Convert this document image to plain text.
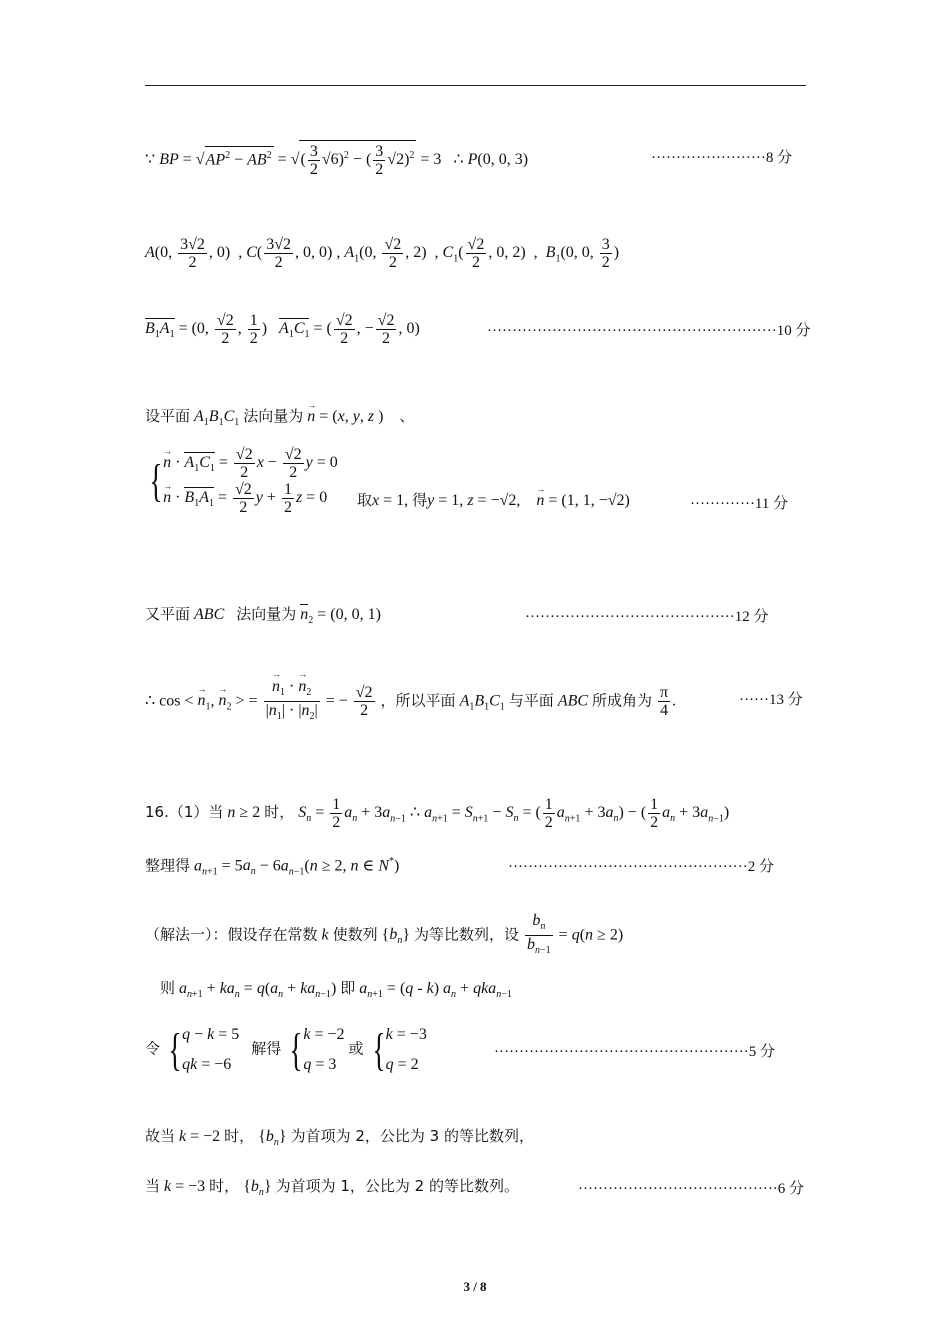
∵ BP = $√AP^2 - AB^2$ = √( $\frac{3}{2} √6)^2$ − ( $\frac{3}{2} √2)^2 = 3$   ∴ P(0, 0, 3)	·······················8 分
A(0, $\frac{3√2}{2}$ , 0)  , $C( \frac{3√2}{2}$ , 0, 0) , $A_1(0$, $\frac{√2}{2}$ , 2)  , $C_1( \frac{√2}{2}$ , 0, 2)  ,  $B_1(0$, 0, $\frac{3}{2}$ )
$B_1A_1 = (0$, $\frac{√2}{2}$ , $\frac{1}{2}$ )   $A_1C_1$ = ( $\frac{√2}{2}$ , − $\frac{√2}{2}$ , 0)	··························································10 分
设平面 $A_1B_1C_1$ 法向量为 → n = (x, y, z )    、
{ → $n \cdot A_1C_1 = \frac{√2}{2}$ $x - \frac{√2}{2}$ y = 0
→ $n \cdot B_1A_1 = \frac{√2}{2}$ $y + \frac{1}{2}$ z = 0	取x = 1, 得y = 1, z = −√2,    → n = (1, 1, −√2)	·············11 分
又平面 ABC 法向量为 $n_2 = (0$, 0, 1)	··········································12 分
∴ cos < → $n_1$, → $n_2$ > = → $\frac{n_1 \cdot \to n_2}{|n_1| \cdot |n_2|}$ = − $\frac{√2}{2}$ ，所以平面 $A_1B_1C_1$ 与平面 ABC 所成角为 $\frac{\pi}{4}$ .	······13 分
16.（1）当 n ≥ 2 时， $S_n = \frac{1}{2} a_n + 3a_{n-1}$ ∴ $a_{n+1} = S_{n+1} - S_n$ = ( $\frac{1}{2} a_{n+1} + 3a_n$) − ( $\frac{1}{2} a_n + 3a_{n-1}$)
整理得 $a_{n+1} = 5a_n - 6a_{n-1}(n \ge 2$, n ∈ N*)	················································2 分
（解法一）：假设存在常数 k 使数列 $\{b_n\}$ 为等比数列，设 $\frac{b_n}{b_{n-1}} = q(n \ge 2)$
则 $a_{n+1} + ka_n = q(a_n + ka_{n-1})$ 即 $a_{n+1} = (q - k) a_n + qka_{n-1}$
令 { q − k = 5
qk = −6
解得 { k = −2
q = 3
或 { k = −3
q = 2
···················································5 分
故当 k = −2 时， $\{b_n\}$ 为首项为 2，公比为 3 的等比数列，
当 k = −3 时， $\{b_n\}$ 为首项为 1，公比为 2 的等比数列。	········································6 分
3 / 8
